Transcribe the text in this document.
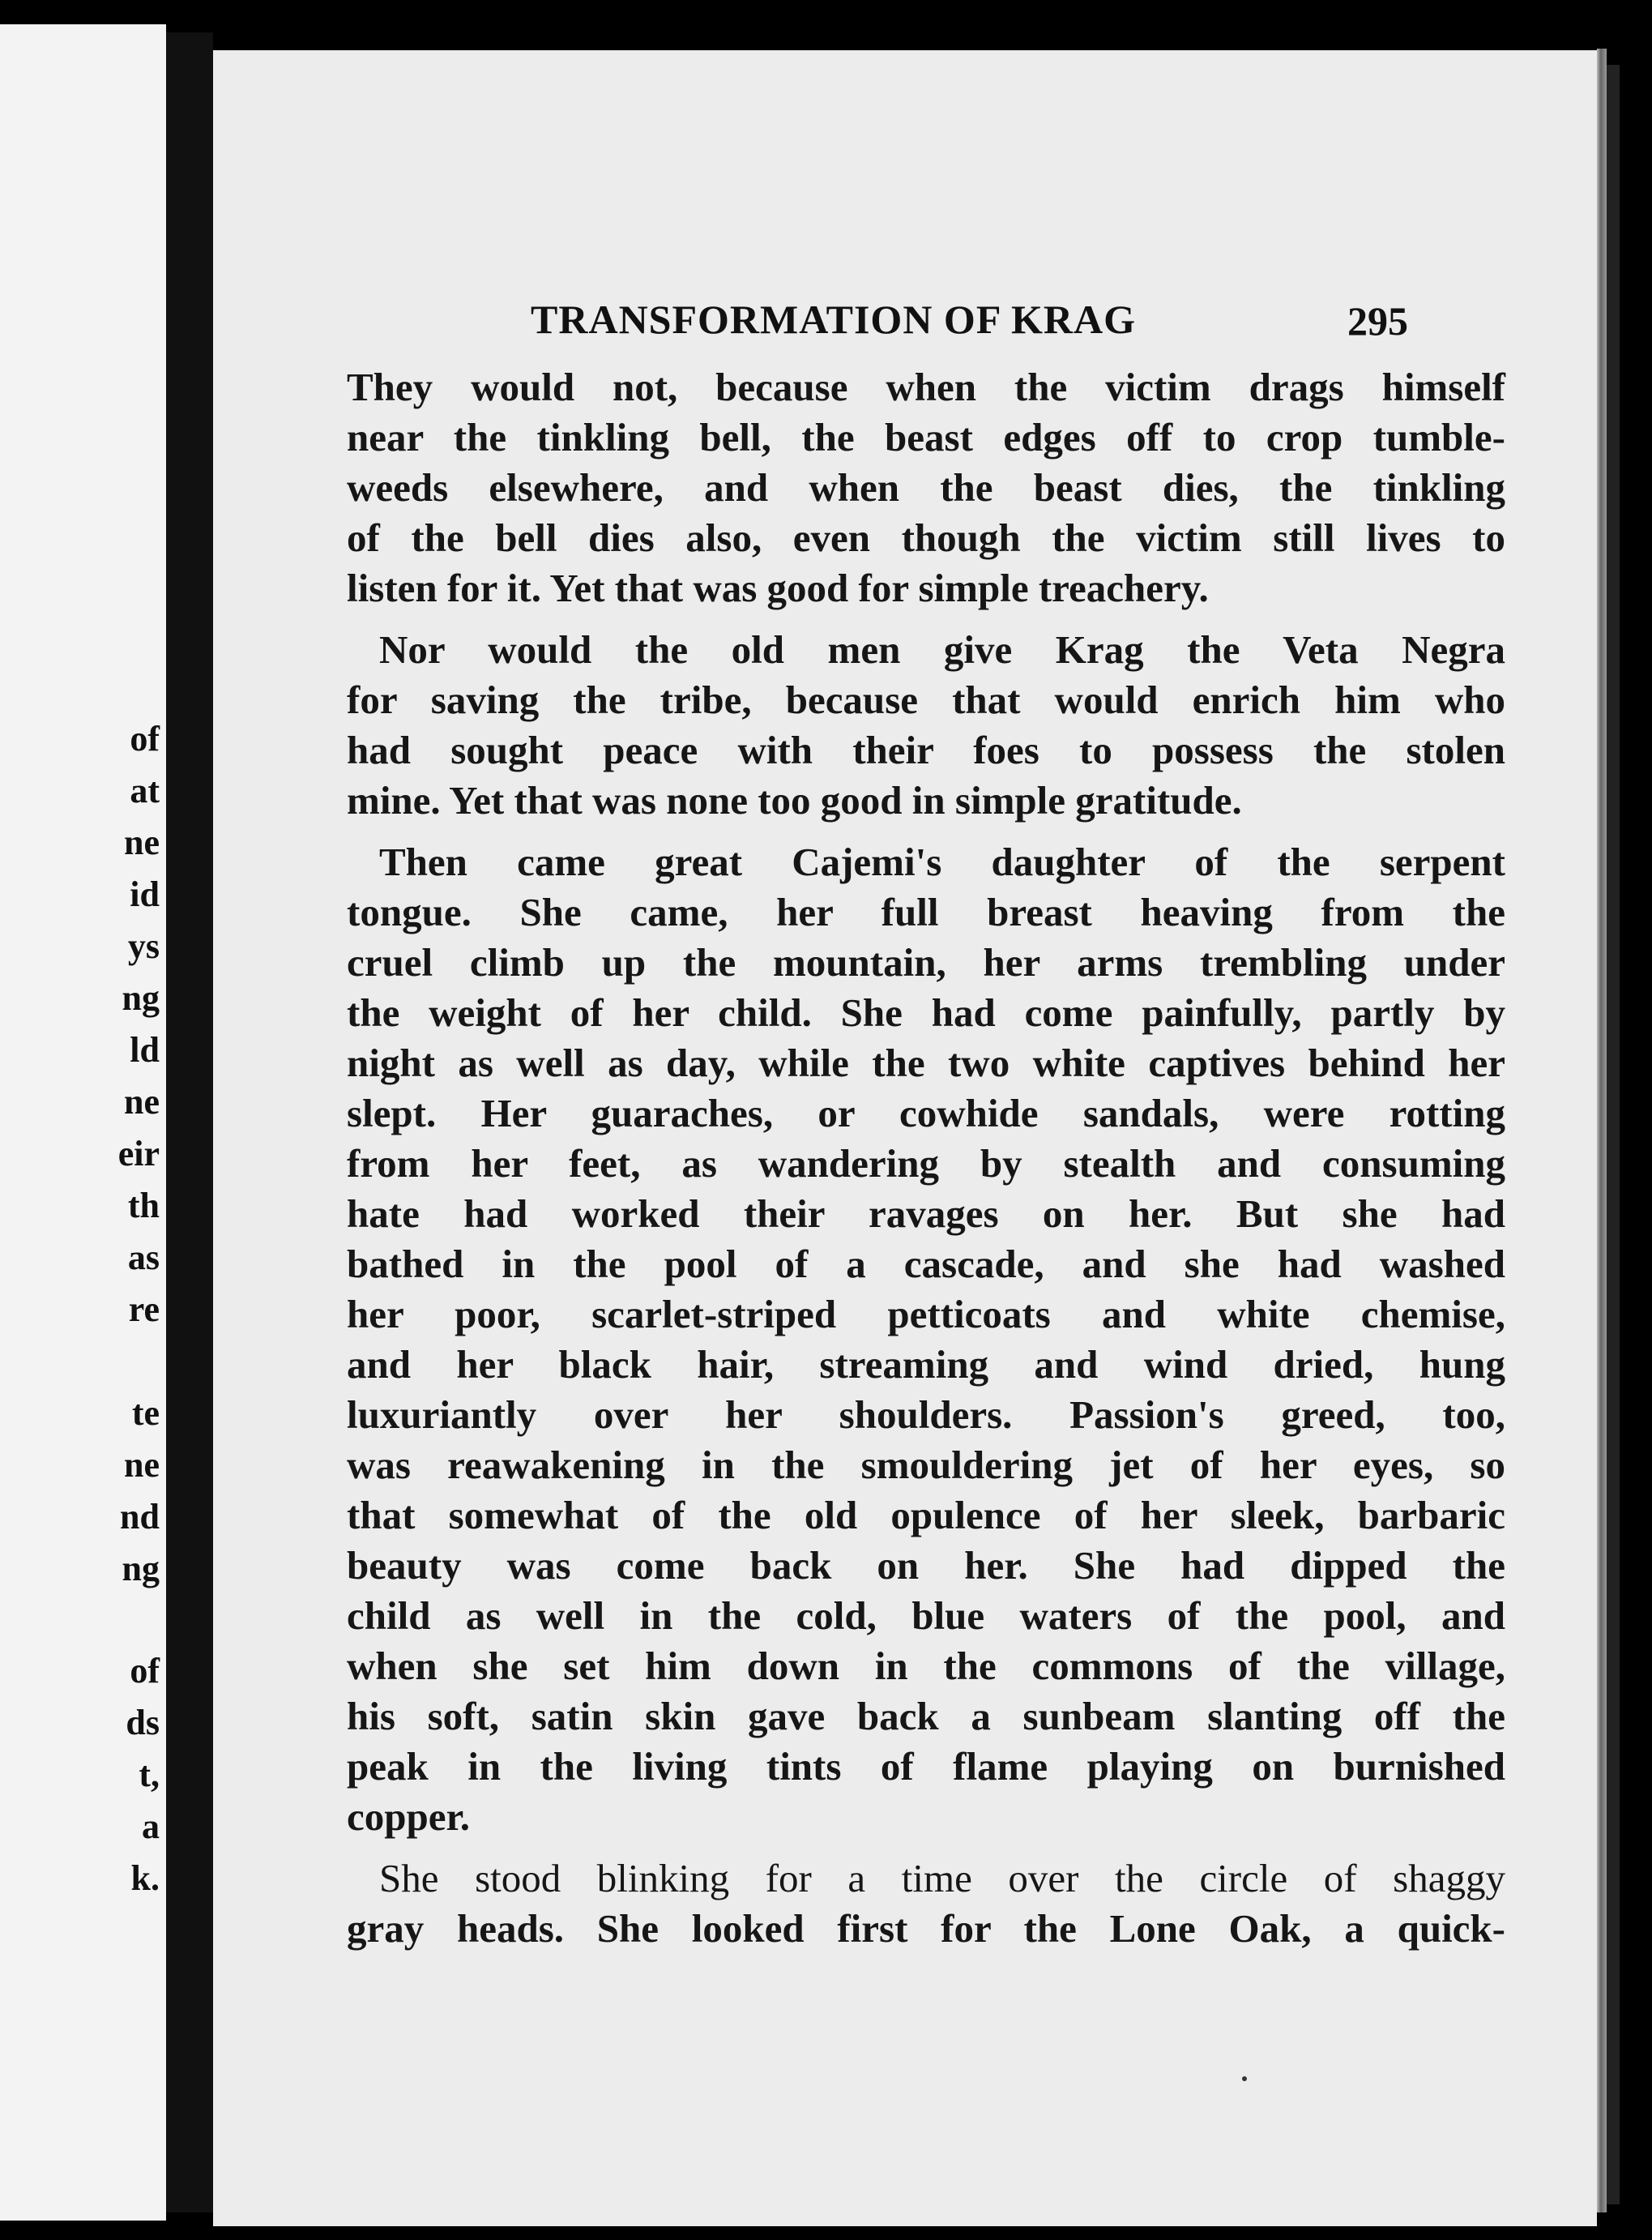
of
at
ne
id
ys
ng
ld
ne
eir
th
as
re
te
ne
nd
ng
of
ds
t,
a
k.
TRANSFORMATION OF KRAG	295
They would not, because when the victim drags himself
near the tinkling bell, the beast edges off to crop tumble-
weeds elsewhere, and when the beast dies, the tinkling
of the bell dies also, even though the victim still lives to
listen for it. Yet that was good for simple treachery.
Nor would the old men give Krag the Veta Negra
for saving the tribe, because that would enrich him who
had sought peace with their foes to possess the stolen
mine. Yet that was none too good in simple gratitude.
Then came great Cajemi's daughter of the serpent
tongue. She came, her full breast heaving from the
cruel climb up the mountain, her arms trembling under
the weight of her child. She had come painfully, partly by
night as well as day, while the two white captives behind her
slept. Her guaraches, or cowhide sandals, were rotting
from her feet, as wandering by stealth and consuming
hate had worked their ravages on her. But she had
bathed in the pool of a cascade, and she had washed
her poor, scarlet-striped petticoats and white chemise,
and her black hair, streaming and wind dried, hung
luxuriantly over her shoulders. Passion's greed, too,
was reawakening in the smouldering jet of her eyes, so
that somewhat of the old opulence of her sleek, barbaric
beauty was come back on her. She had dipped the
child as well in the cold, blue waters of the pool, and
when she set him down in the commons of the village,
his soft, satin skin gave back a sunbeam slanting off the
peak in the living tints of flame playing on burnished
copper.
She stood blinking for a time over the circle of shaggy
gray heads. She looked first for the Lone Oak, a quick-
